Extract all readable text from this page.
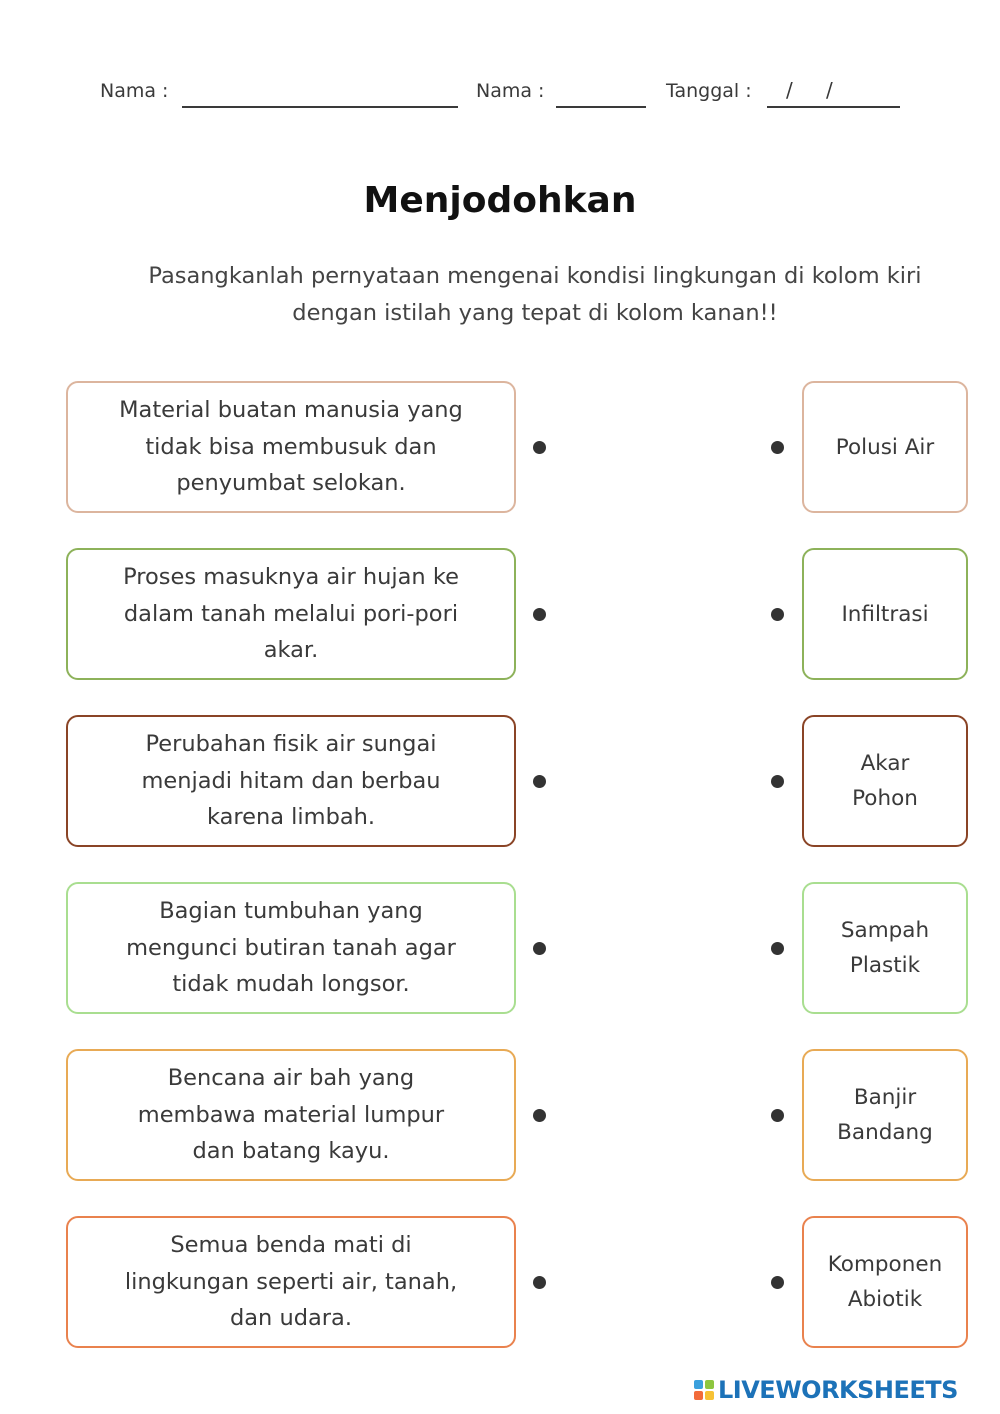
Nama :	Nama :	Tanggal : / /
Menjodohkan
Pasangkanlah pernyataan mengenai kondisi lingkungan di kolom kiri
dengan istilah yang tepat di kolom kanan!!
Material buatan manusia yang
tidak bisa membusuk dan
penyumbat selokan.
Polusi Air
Proses masuknya air hujan ke
dalam tanah melalui pori-pori
akar.
Infiltrasi
Perubahan fisik air sungai
menjadi hitam dan berbau
karena limbah.
Akar
Pohon
Bagian tumbuhan yang
mengunci butiran tanah agar
tidak mudah longsor.
Sampah
Plastik
Bencana air bah yang
membawa material lumpur
dan batang kayu.
Banjir
Bandang
Semua benda mati di
lingkungan seperti air, tanah,
dan udara.
Komponen
Abiotik
LIVEWORKSHEETS
